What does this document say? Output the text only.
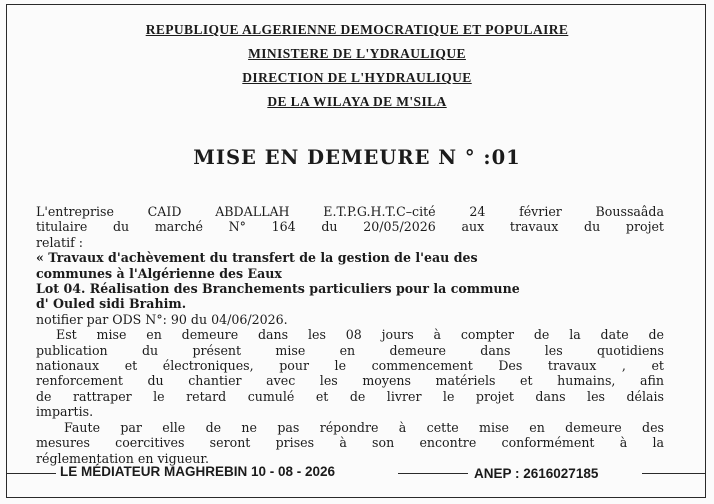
REPUBLIQUE ALGERIENNE DEMOCRATIQUE ET POPULAIRE
MINISTERE DE L'YDRAULIQUE
DIRECTION DE L'HYDRAULIQUE
DE LA WILAYA DE M'SILA
MISE EN DEMEURE N ° :01
L'entreprise CAID ABDALLAH E.T.P.G.H.T.C–cité 24 février Boussaâda
titulaire du marché N° 164 du 20/05/2026 aux travaux du projet
relatif :
« Travaux d'achèvement du transfert de la gestion de l'eau des
communes à l'Algérienne des Eaux
Lot 04. Réalisation des Branchements particuliers pour la commune
d' Ouled sidi Brahim.
notifier par ODS N°: 90 du 04/06/2026.
Est mise en demeure dans les 08 jours à compter de la date de
publication du présent mise en demeure dans les quotidiens
nationaux et électroniques, pour le commencement Des travaux , et
renforcement du chantier avec les moyens matériels et humains, afin
de rattraper le retard cumulé et de livrer le projet dans les délais
impartis.
Faute par elle de ne pas répondre à cette mise en demeure des
mesures coercitives seront prises à son encontre conformément à la
réglementation en vigueur.
LE MÉDIATEUR MAGHREBIN 10 - 08 - 2026	ANEP : 2616027185
